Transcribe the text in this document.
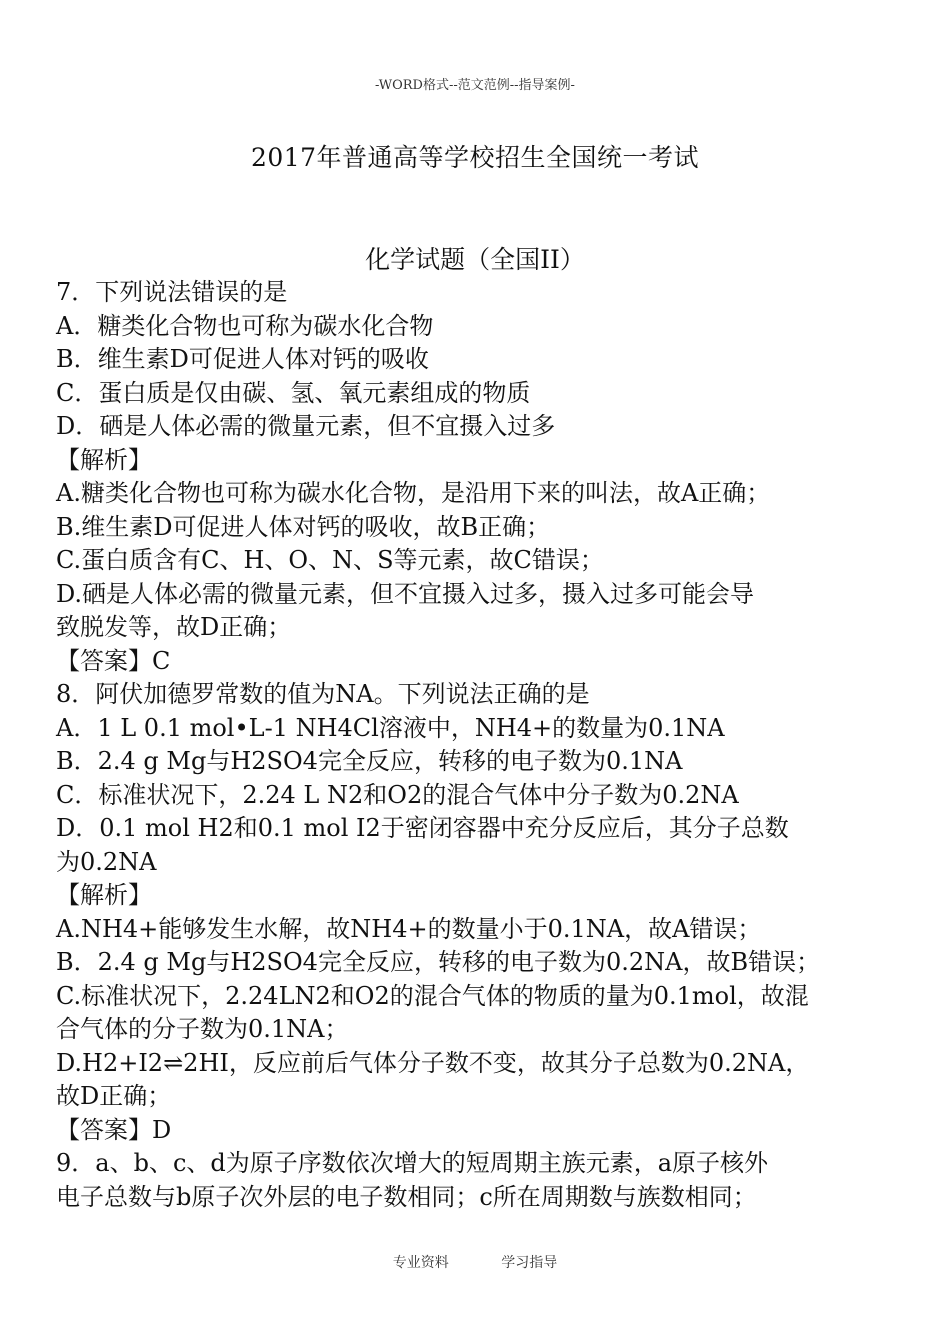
-WORD格式--范文范例--指导案例-
2017年普通高等学校招生全国统一考试
化学试题（全国II）
7．下列说法错误的是
A．糖类化合物也可称为碳水化合物
B．维生素D可促进人体对钙的吸收
C．蛋白质是仅由碳、氢、氧元素组成的物质
D．硒是人体必需的微量元素，但不宜摄入过多
【解析】
A.糖类化合物也可称为碳水化合物，是沿用下来的叫法，故A正确；
B.维生素D可促进人体对钙的吸收，故B正确；
C.蛋白质含有C、H、O、N、S等元素，故C错误；
D.硒是人体必需的微量元素，但不宜摄入过多，摄入过多可能会导
致脱发等，故D正确；
【答案】C
8．阿伏加德罗常数的值为NA。下列说法正确的是
A．1 L 0.1 mol•L-1 NH4Cl溶液中，NH4+的数量为0.1NA
B．2.4 g Mg与H2SO4完全反应，转移的电子数为0.1NA
C．标准状况下，2.24 L N2和O2的混合气体中分子数为0.2NA
D．0.1 mol H2和0.1 mol I2于密闭容器中充分反应后，其分子总数
为0.2NA
【解析】
A.NH4+能够发生水解，故NH4+的数量小于0.1NA，故A错误；
B．2.4 g Mg与H2SO4完全反应，转移的电子数为0.2NA，故B错误；
C.标准状况下，2.24LN2和O2的混合气体的物质的量为0.1mol，故混
合气体的分子数为0.1NA；
D.H2+I2⇌2HI，反应前后气体分子数不变，故其分子总数为0.2NA，
故D正确；
【答案】D
9．a、b、c、d为原子序数依次增大的短周期主族元素，a原子核外
电子总数与b原子次外层的电子数相同；c所在周期数与族数相同；
专业资料	学习指导
